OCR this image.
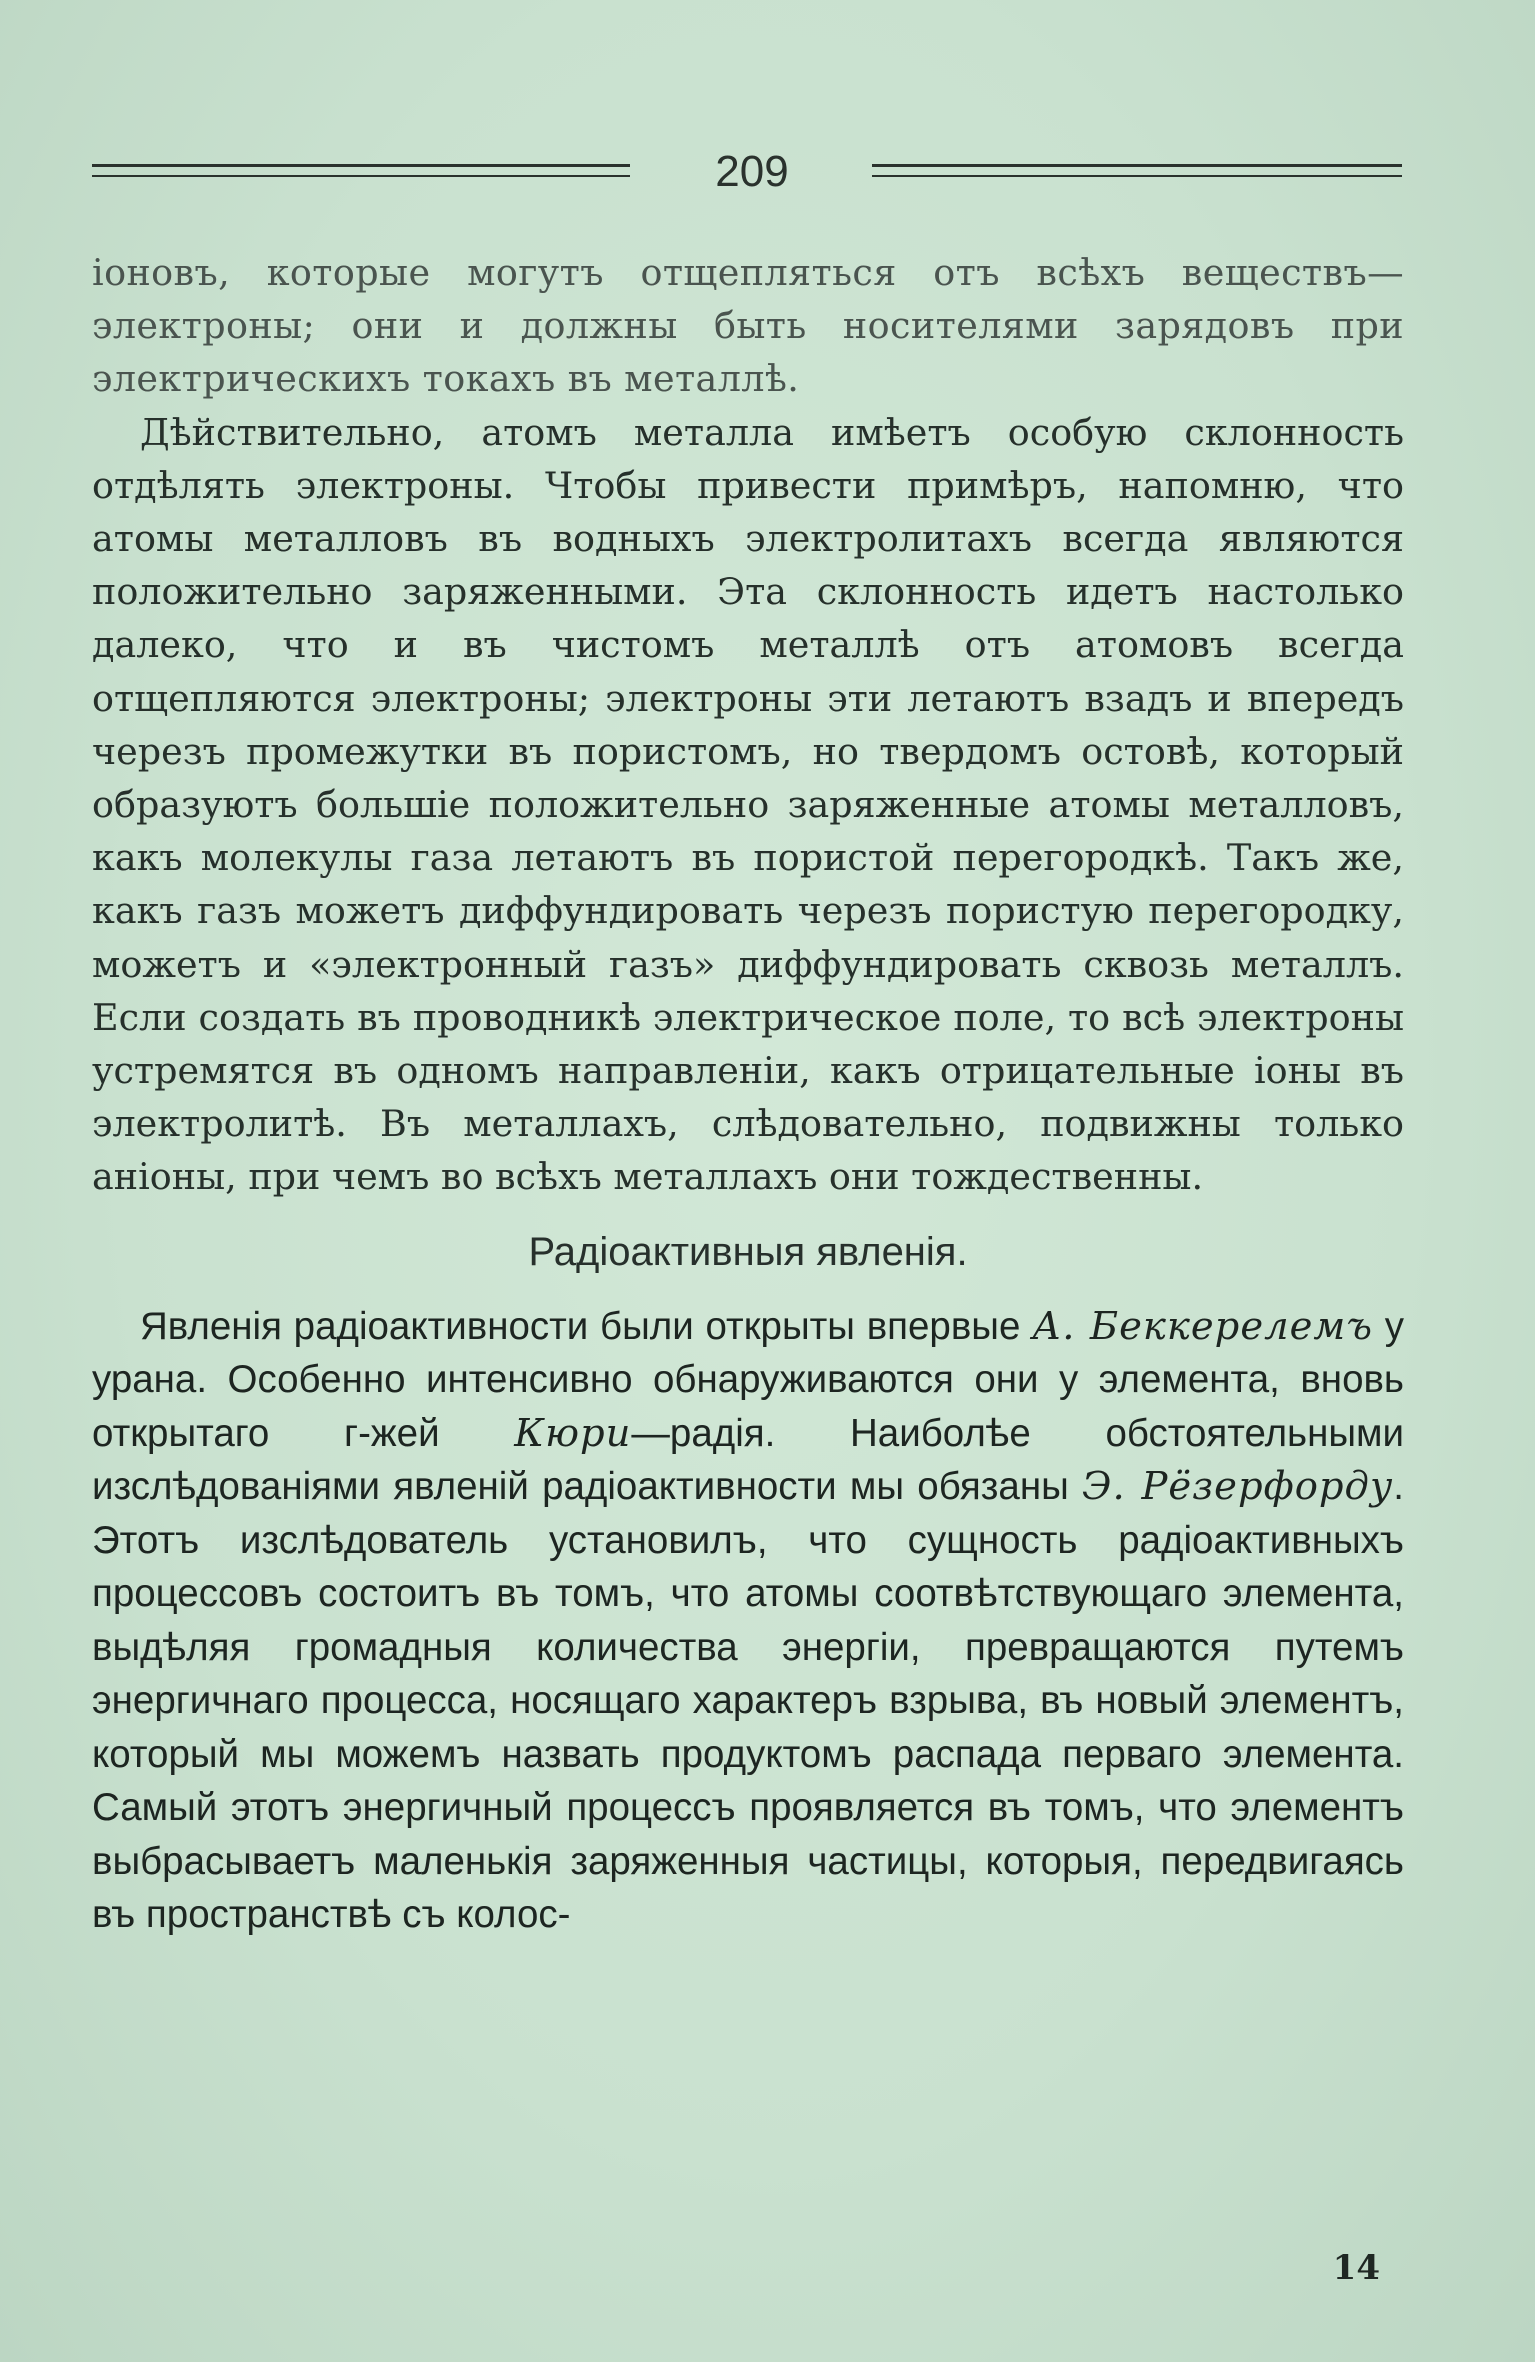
209

іоновъ, которые могутъ отщепляться отъ всѣхъ веществъ—электроны; они и должны быть носителями зарядовъ при электрическихъ токахъ въ металлѣ.

Дѣйствительно, атомъ металла имѣетъ особую склонность отдѣлять электроны. Чтобы привести примѣръ, напомню, что атомы металловъ въ водныхъ электролитахъ всегда являются положительно заряженными. Эта склонность идетъ настолько далеко, что и въ чистомъ металлѣ отъ атомовъ всегда отщепляются электроны; электроны эти летаютъ взадъ и впередъ черезъ промежутки въ пористомъ, но твердомъ остовѣ, который образуютъ большіе положительно заряженные атомы металловъ, какъ молекулы газа летаютъ въ пористой перегородкѣ. Такъ же, какъ газъ можетъ диффундировать черезъ пористую перегородку, можетъ и «электронный газъ» диффундировать сквозь металлъ. Если создать въ проводникѣ электрическое поле, то всѣ электроны устремятся въ одномъ направленіи, какъ отрицательные іоны въ электролитѣ. Въ металлахъ, слѣдовательно, подвижны только аніоны, при чемъ во всѣхъ металлахъ они тождественны.

Радіоактивныя явленія.

Явленія радіоактивности были открыты впервые А. Беккерелемъ у урана. Особенно интенсивно обнаруживаются они у элемента, вновь открытаго г-жей Кюри—радія. Наиболѣе обстоятельными изслѣдованіями явленій радіоактивности мы обязаны Э. Рёзерфорду. Этотъ изслѣдователь установилъ, что сущность радіоактивныхъ процессовъ состоитъ въ томъ, что атомы соотвѣтствующаго элемента, выдѣляя громадныя количества энергіи, превращаются путемъ энергичнаго процесса, носящаго характеръ взрыва, въ новый элементъ, который мы можемъ назвать продуктомъ распада перваго элемента. Самый этотъ энергичный процессъ проявляется въ томъ, что элементъ выбрасываетъ маленькія заряженныя частицы, которыя, передвигаясь въ пространствѣ съ колос-

14
